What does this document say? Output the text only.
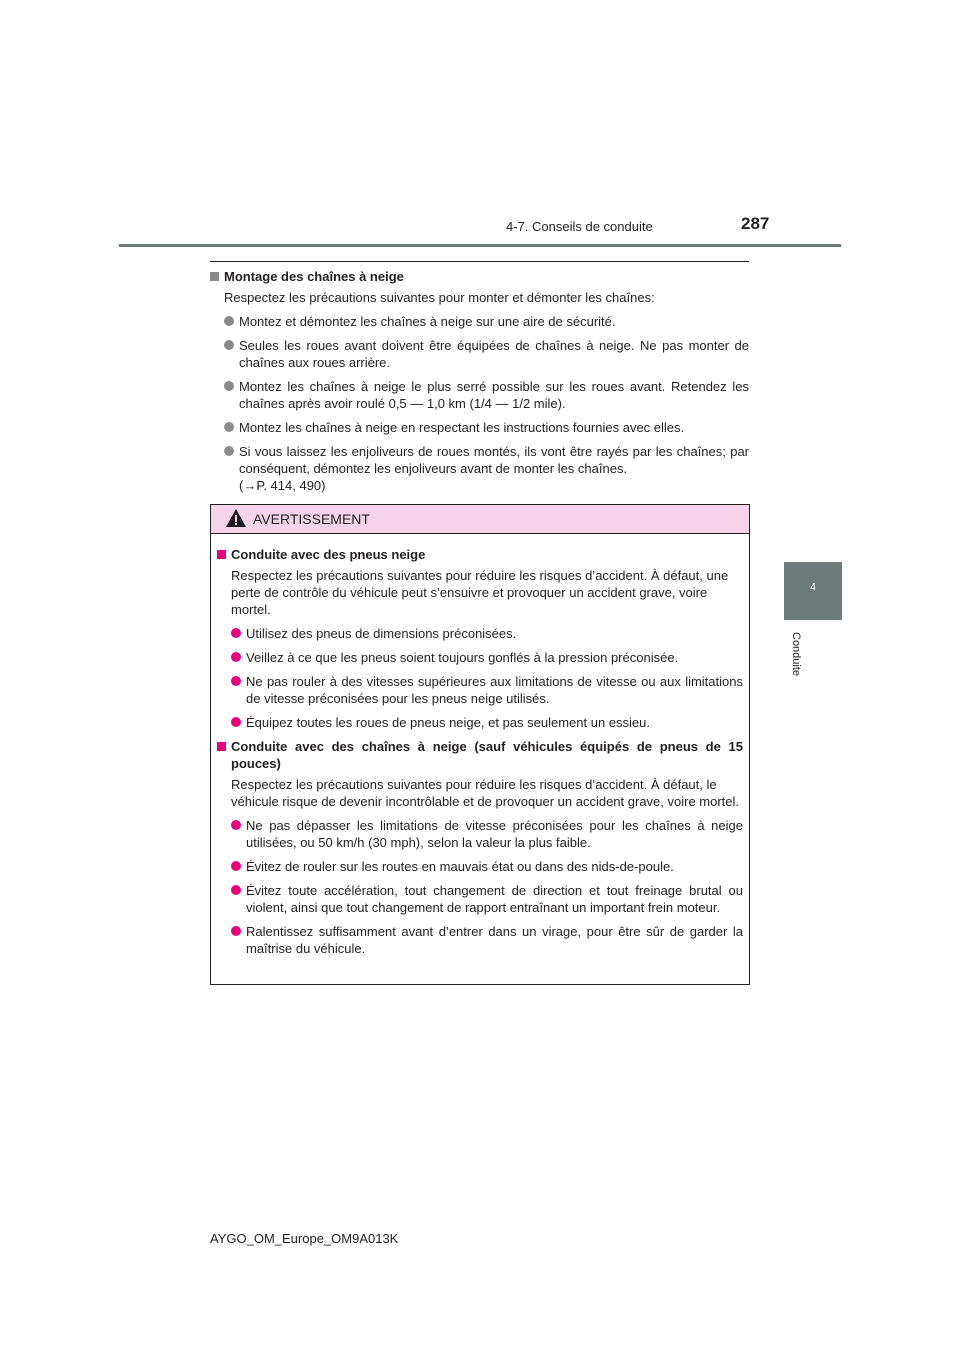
4-7. Conseils de conduite	287
4
Conduite
Montage des chaînes à neige
Respectez les précautions suivantes pour monter et démonter les chaînes:
Montez et démontez les chaînes à neige sur une aire de sécurité.
Seules les roues avant doivent être équipées de chaînes à neige. Ne pas monter de chaînes aux roues arrière.
Montez les chaînes à neige le plus serré possible sur les roues avant. Retendez les chaînes après avoir roulé 0,5 — 1,0 km (1/4 — 1/2 mile).
Montez les chaînes à neige en respectant les instructions fournies avec elles.
Si vous laissez les enjoliveurs de roues montés, ils vont être rayés par les chaînes; par conséquent, démontez les enjoliveurs avant de monter les chaînes.
(→P. 414, 490)
AVERTISSEMENT
Conduite avec des pneus neige
Respectez les précautions suivantes pour réduire les risques d’accident. À défaut, une perte de contrôle du véhicule peut s’ensuivre et provoquer un accident grave, voire mortel.
Utilisez des pneus de dimensions préconisées.
Veillez à ce que les pneus soient toujours gonflés à la pression préconisée.
Ne pas rouler à des vitesses supérieures aux limitations de vitesse ou aux limitations de vitesse préconisées pour les pneus neige utilisés.
Équipez toutes les roues de pneus neige, et pas seulement un essieu.
Conduite avec des chaînes à neige (sauf véhicules équipés de pneus de 15 pouces)
Respectez les précautions suivantes pour réduire les risques d’accident. À défaut, le véhicule risque de devenir incontrôlable et de provoquer un accident grave, voire mortel.
Ne pas dépasser les limitations de vitesse préconisées pour les chaînes à neige utilisées, ou 50 km/h (30 mph), selon la valeur la plus faible.
Évitez de rouler sur les routes en mauvais état ou dans des nids-de-poule.
Évitez toute accélération, tout changement de direction et tout freinage brutal ou violent, ainsi que tout changement de rapport entraînant un important frein moteur.
Ralentissez suffisamment avant d’entrer dans un virage, pour être sûr de garder la maîtrise du véhicule.
AYGO_OM_Europe_OM9A013K
